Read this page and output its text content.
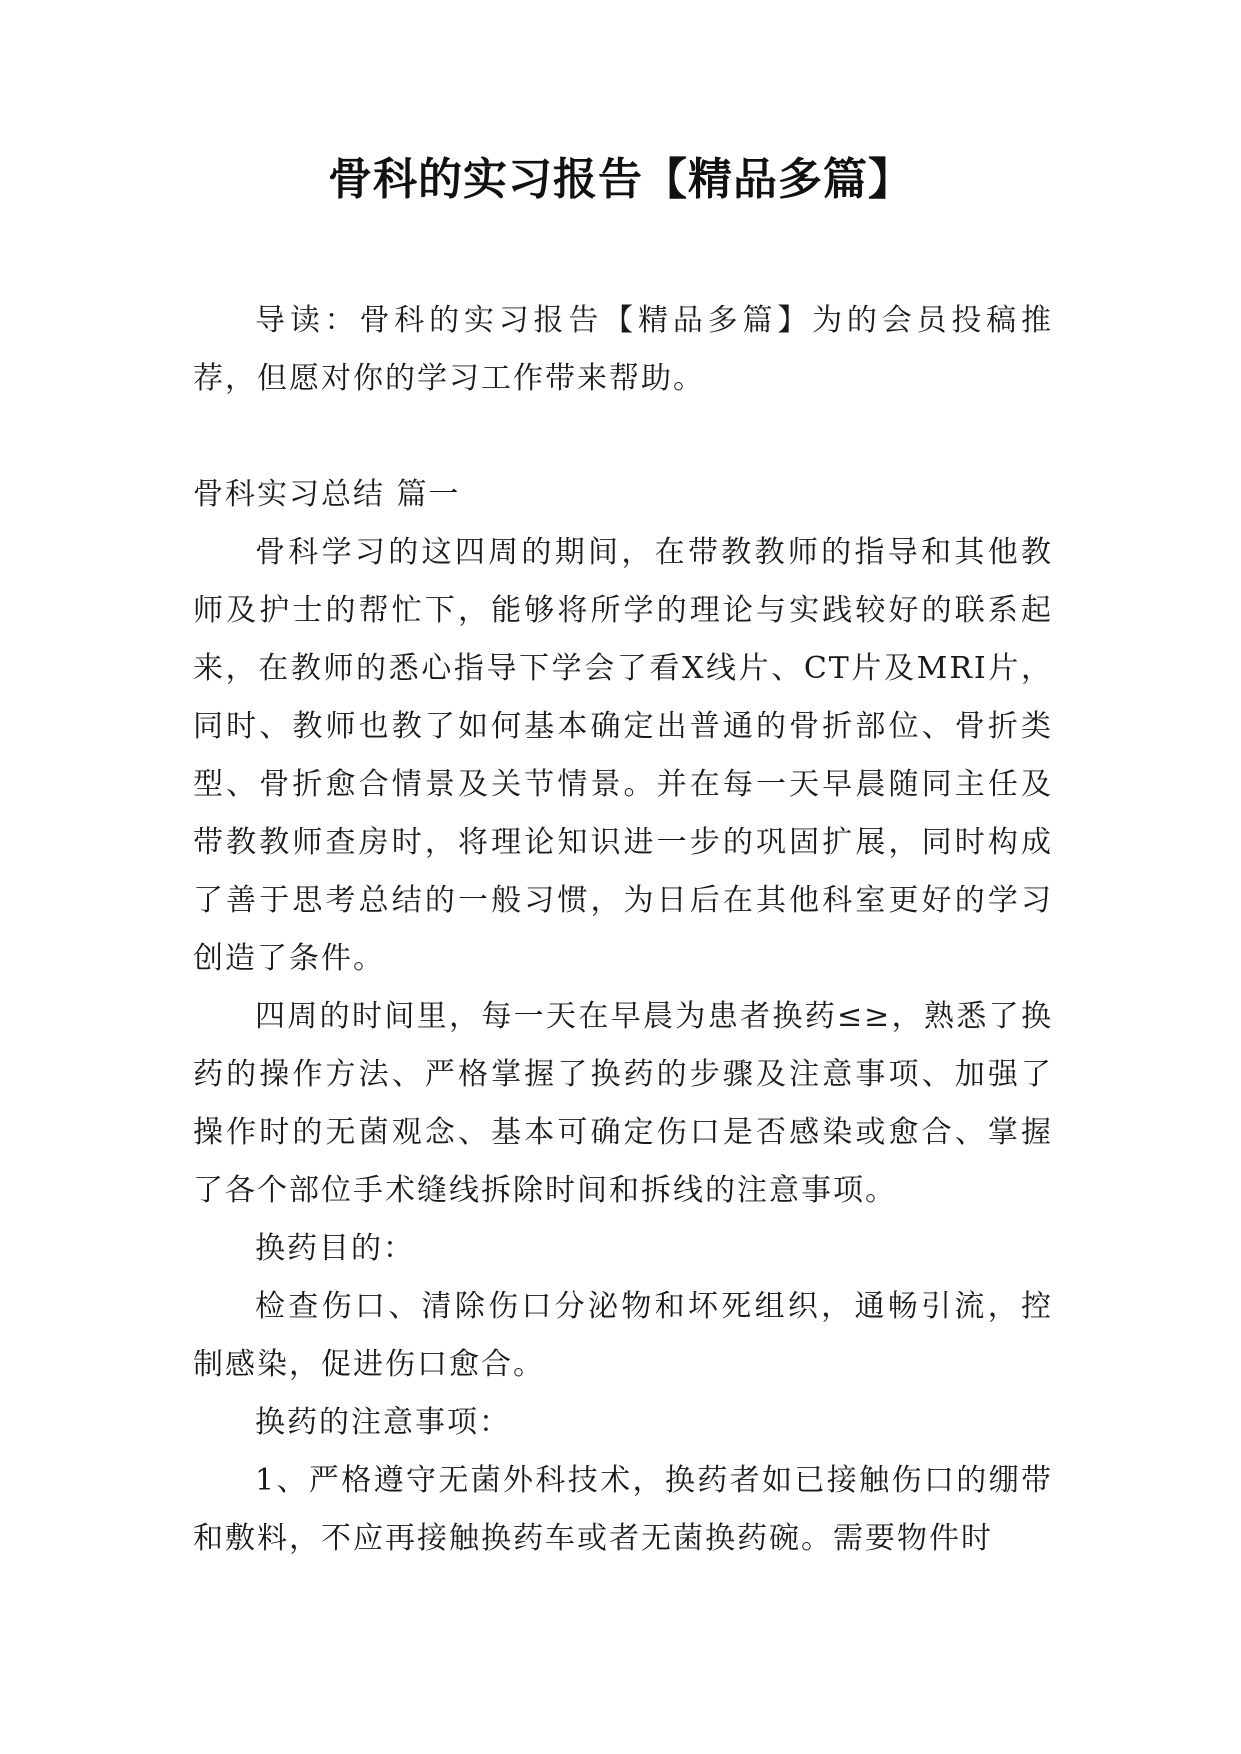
骨科的实习报告【精品多篇】

导读：骨科的实习报告【精品多篇】为的会员投稿推荐，但愿对你的学习工作带来帮助。

骨科实习总结 篇一

骨科学习的这四周的期间，在带教教师的指导和其他教师及护士的帮忙下，能够将所学的理论与实践较好的联系起来，在教师的悉心指导下学会了看X线片、CT片及MRI片，同时、教师也教了如何基本确定出普通的骨折部位、骨折类型、骨折愈合情景及关节情景。并在每一天早晨随同主任及带教教师查房时，将理论知识进一步的巩固扩展，同时构成了善于思考总结的一般习惯，为日后在其他科室更好的学习创造了条件。

四周的时间里，每一天在早晨为患者换药≤≥，熟悉了换药的操作方法、严格掌握了换药的步骤及注意事项、加强了操作时的无菌观念、基本可确定伤口是否感染或愈合、掌握了各个部位手术缝线拆除时间和拆线的注意事项。

换药目的：

检查伤口、清除伤口分泌物和坏死组织，通畅引流，控制感染，促进伤口愈合。

换药的注意事项：

1、严格遵守无菌外科技术，换药者如已接触伤口的绷带和敷料，不应再接触换药车或者无菌换药碗。需要物件时
